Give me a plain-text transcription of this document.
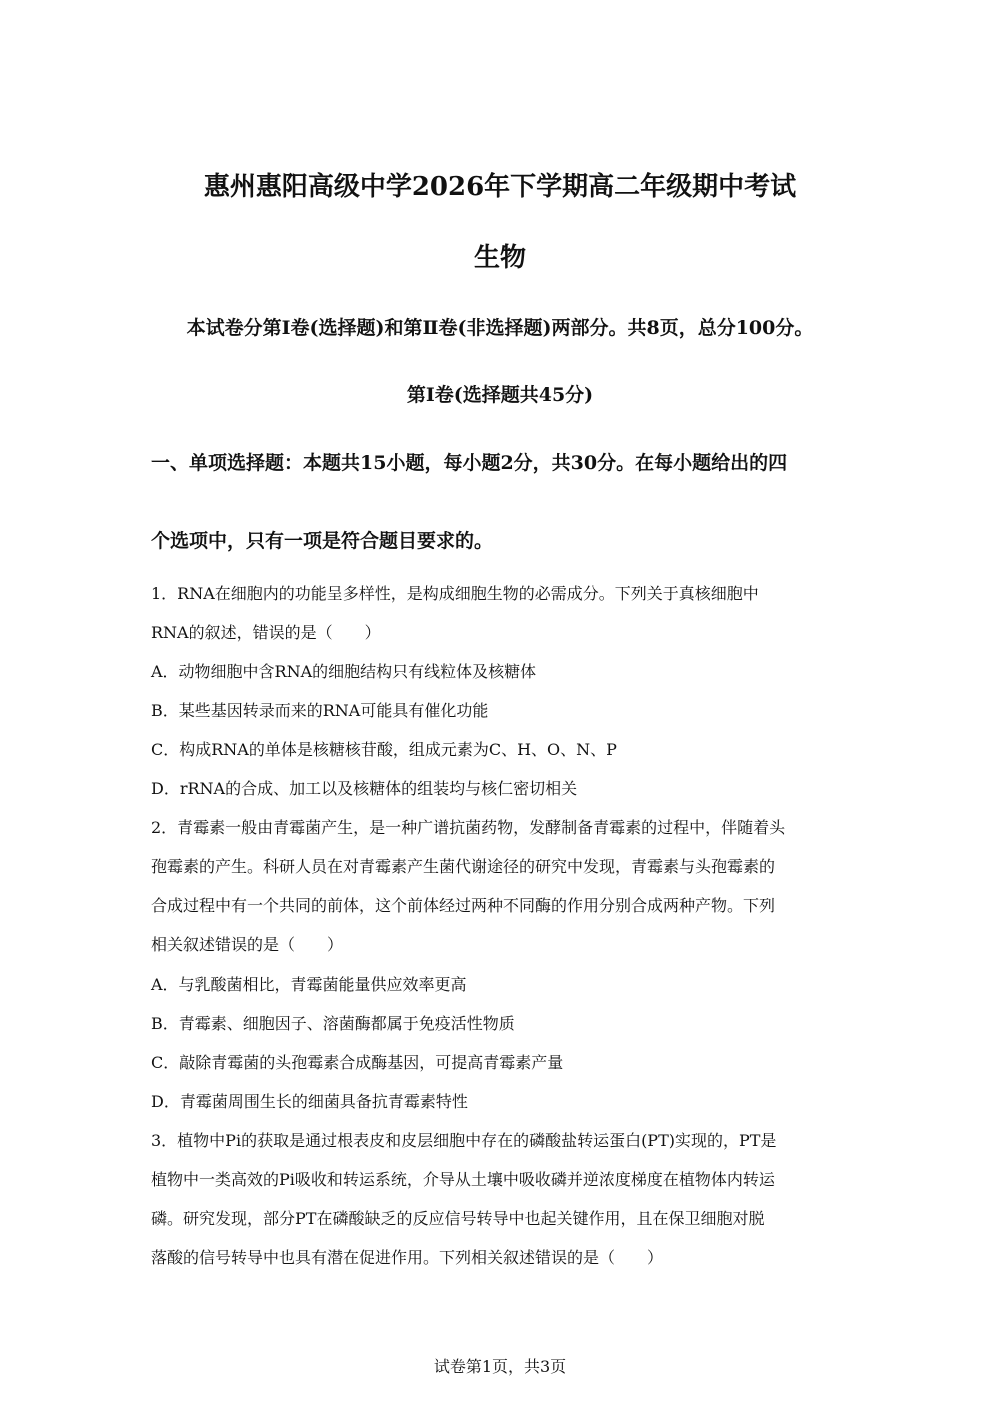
惠州惠阳高级中学2026年下学期高二年级期中考试
生物
本试卷分第Ⅰ卷(选择题)和第Ⅱ卷(非选择题)两部分。共8页，总分100分。
第Ⅰ卷(选择题共45分)
一、单项选择题：本题共15小题，每小题2分，共30分。在每小题给出的四
个选项中，只有一项是符合题目要求的。
1．RNA在细胞内的功能呈多样性，是构成细胞生物的必需成分。下列关于真核细胞中
RNA的叙述，错误的是（　　）
A．动物细胞中含RNA的细胞结构只有线粒体及核糖体
B．某些基因转录而来的RNA可能具有催化功能
C．构成RNA的单体是核糖核苷酸，组成元素为C、H、O、N、P
D．rRNA的合成、加工以及核糖体的组装均与核仁密切相关
2．青霉素一般由青霉菌产生，是一种广谱抗菌药物，发酵制备青霉素的过程中，伴随着头
孢霉素的产生。科研人员在对青霉素产生菌代谢途径的研究中发现，青霉素与头孢霉素的
合成过程中有一个共同的前体，这个前体经过两种不同酶的作用分别合成两种产物。下列
相关叙述错误的是（　　）
A．与乳酸菌相比，青霉菌能量供应效率更高
B．青霉素、细胞因子、溶菌酶都属于免疫活性物质
C．敲除青霉菌的头孢霉素合成酶基因，可提高青霉素产量
D．青霉菌周围生长的细菌具备抗青霉素特性
3．植物中Pi的获取是通过根表皮和皮层细胞中存在的磷酸盐转运蛋白(PT)实现的，PT是
植物中一类高效的Pi吸收和转运系统，介导从土壤中吸收磷并逆浓度梯度在植物体内转运
磷。研究发现，部分PT在磷酸缺乏的反应信号转导中也起关键作用，且在保卫细胞对脱
落酸的信号转导中也具有潜在促进作用。下列相关叙述错误的是（　　）
试卷第1页，共3页
